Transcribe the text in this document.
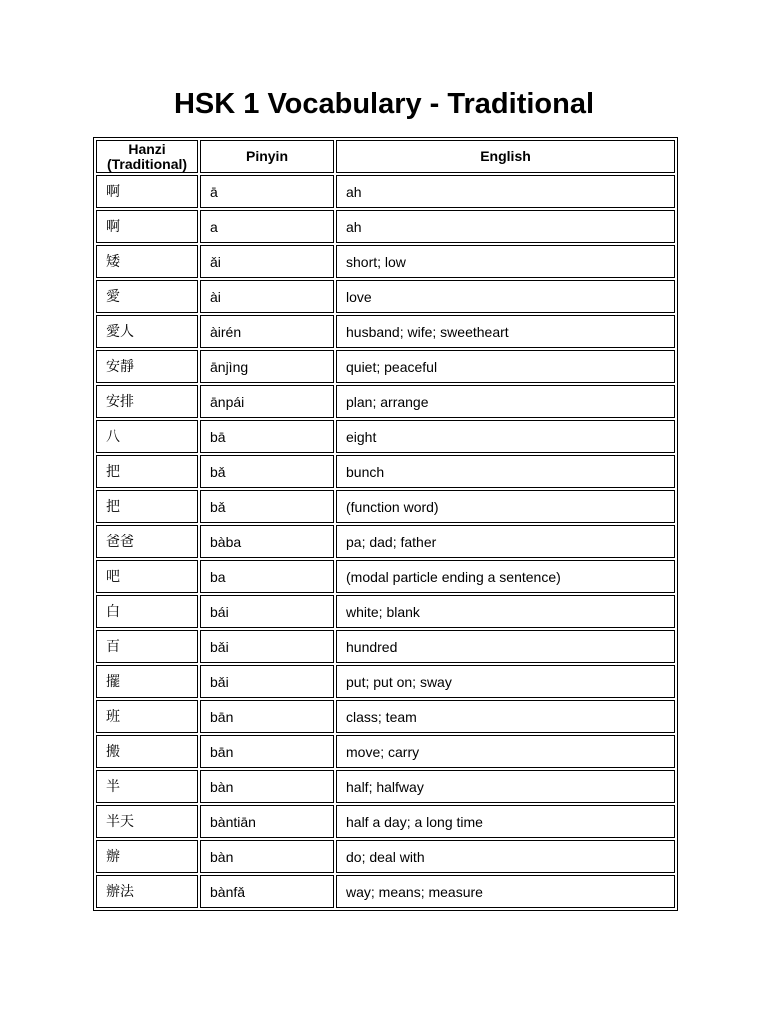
HSK 1 Vocabulary - Traditional
Hanzi
(Traditional)	Pinyin	English
啊	ā	ah
啊	a	ah
矮	ǎi	short; low
愛	ài	love
愛人	àirén	husband; wife; sweetheart
安靜	ānjìng	quiet; peaceful
安排	ānpái	plan; arrange
八	bā	eight
把	bǎ	bunch
把	bǎ	(function word)
爸爸	bàba	pa; dad; father
吧	ba	(modal particle ending a sentence)
白	bái	white; blank
百	bǎi	hundred
擺	bǎi	put; put on; sway
班	bān	class; team
搬	bān	move; carry
半	bàn	half; halfway
半天	bàntiān	half a day; a long time
辦	bàn	do; deal with
辦法	bànfǎ	way; means; measure
